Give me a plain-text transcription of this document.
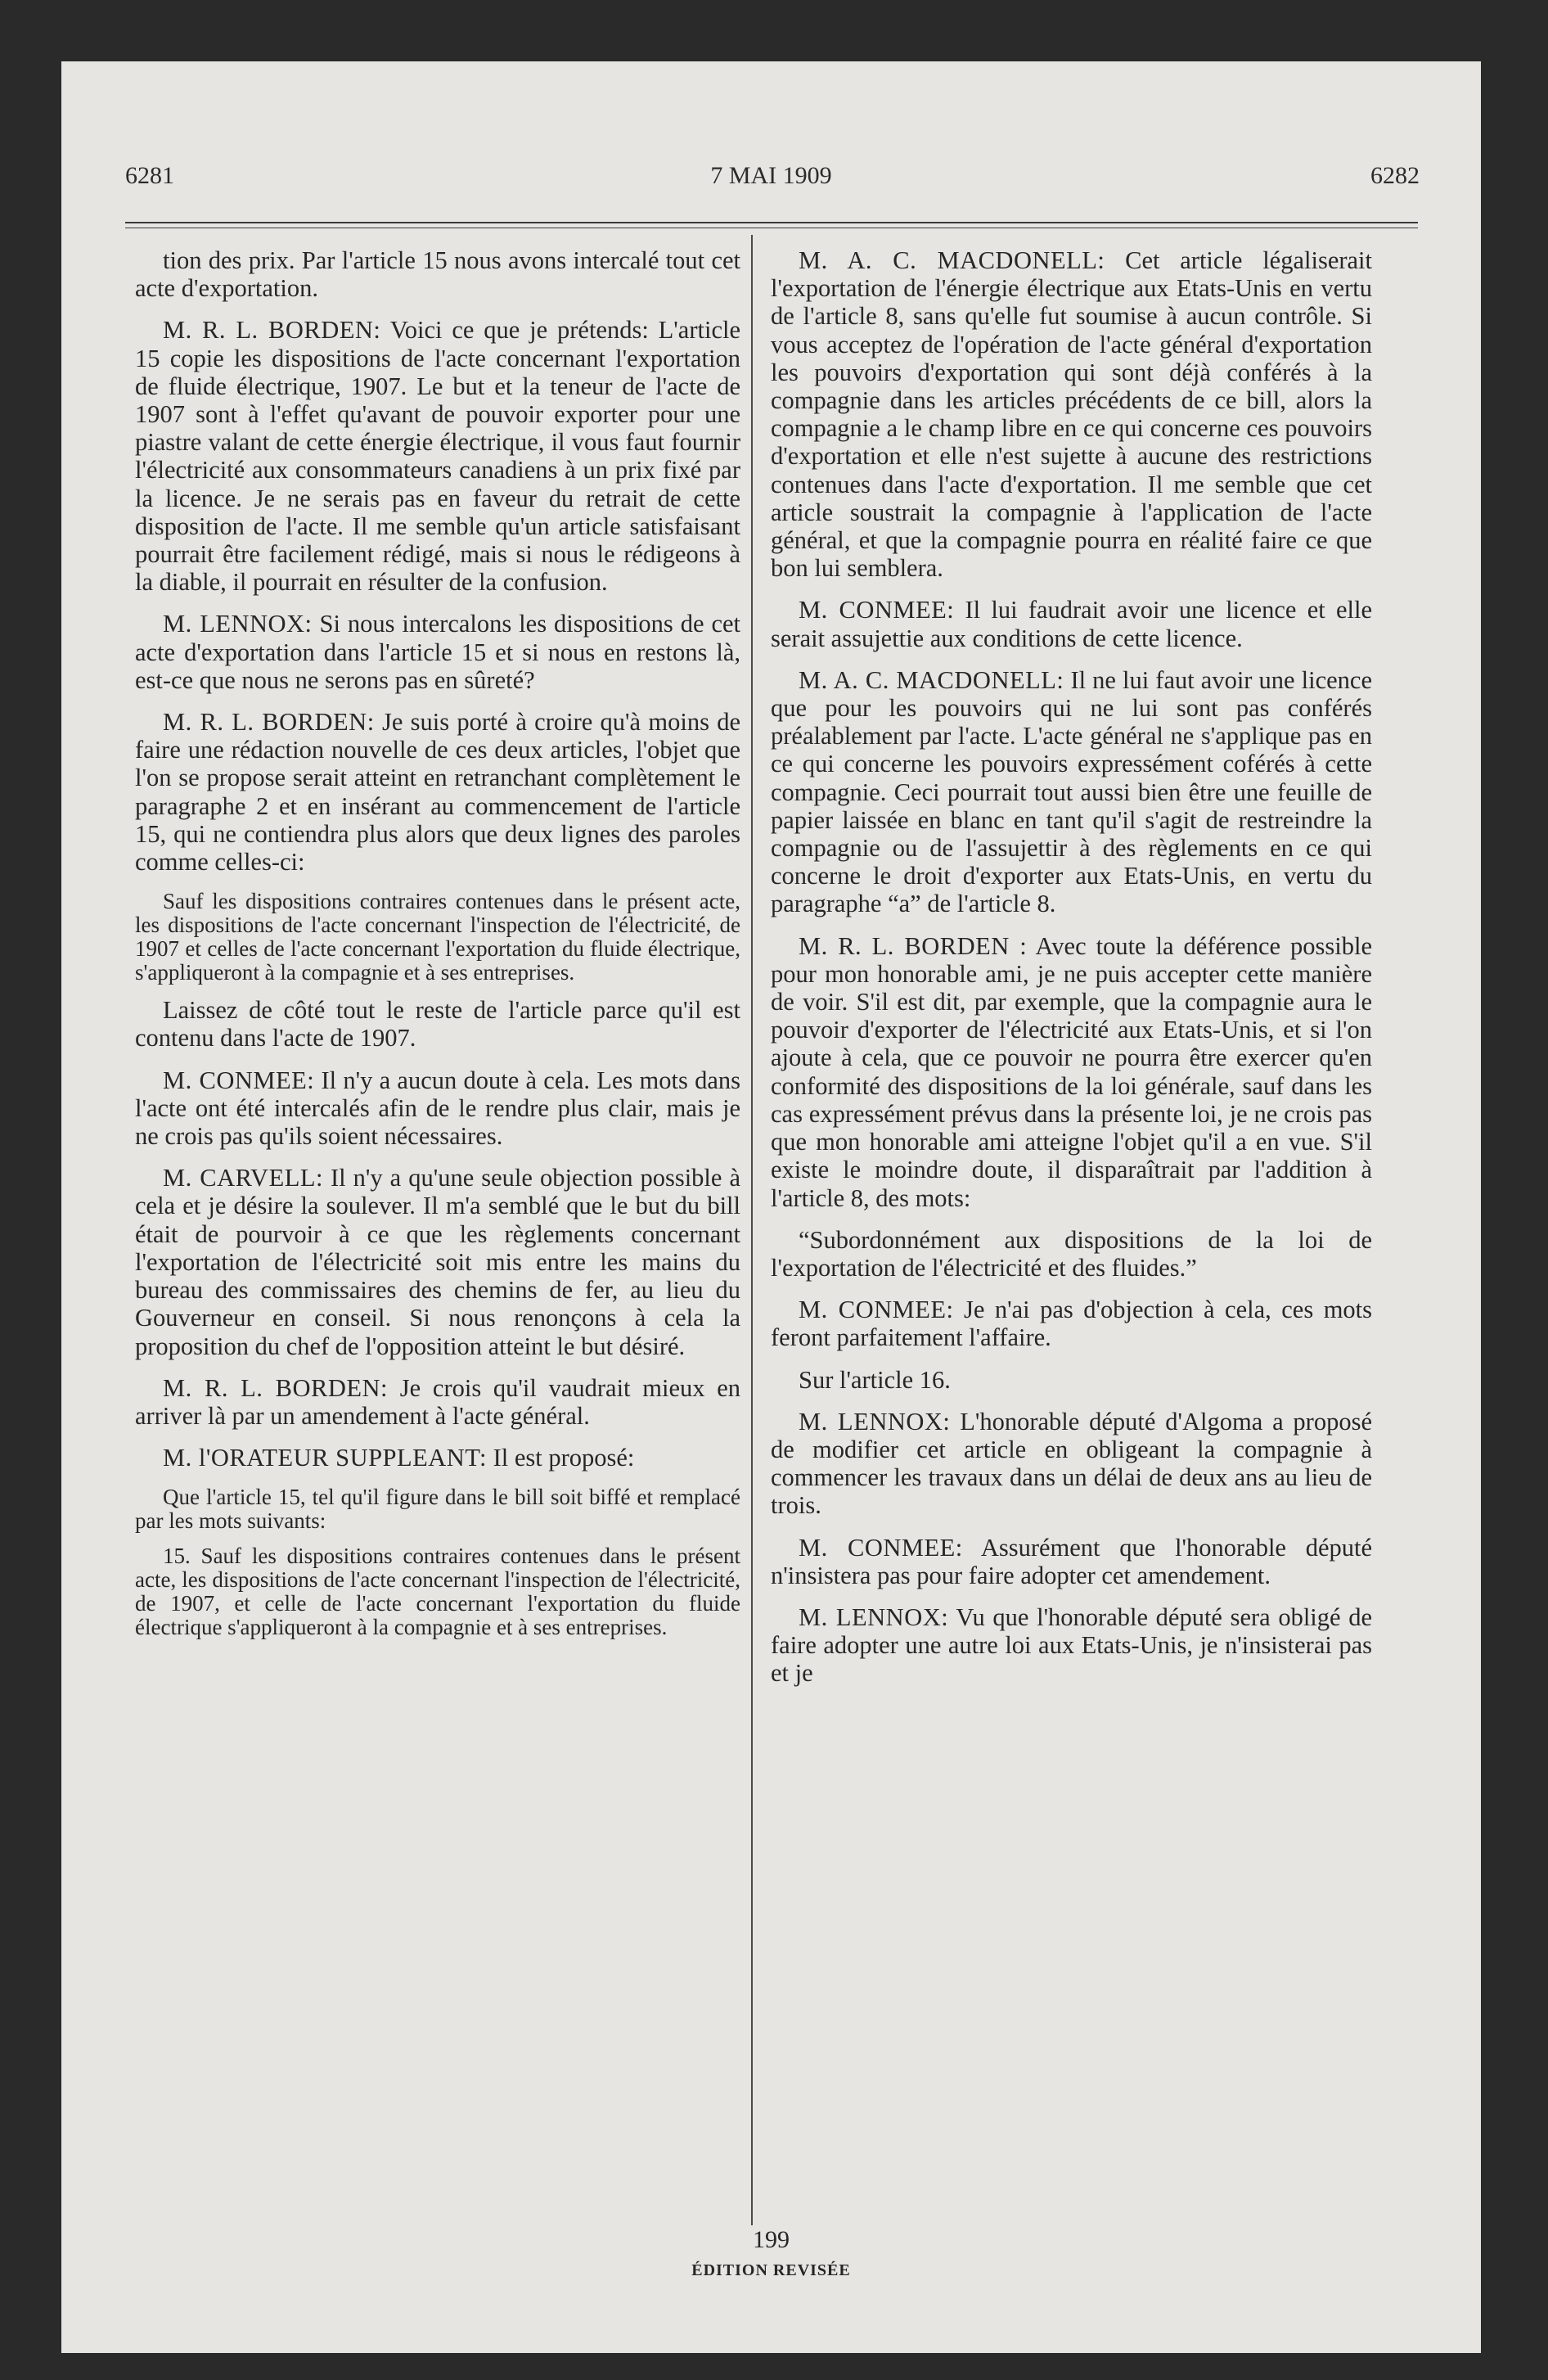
6281	7 MAI 1909	6282

tion des prix. Par l'article 15 nous avons intercalé tout cet acte d'exportation.

M. R. L. BORDEN: Voici ce que je prétends: L'article 15 copie les dispositions de l'acte concernant l'exportation de fluide électrique, 1907. Le but et la teneur de l'acte de 1907 sont à l'effet qu'avant de pouvoir exporter pour une piastre valant de cette énergie électrique, il vous faut fournir l'électricité aux consommateurs canadiens à un prix fixé par la licence. Je ne serais pas en faveur du retrait de cette disposition de l'acte. Il me semble qu'un article satisfaisant pourrait être facilement rédigé, mais si nous le rédigeons à la diable, il pourrait en résulter de la confusion.

M. LENNOX: Si nous intercalons les dispositions de cet acte d'exportation dans l'article 15 et si nous en restons là, est-ce que nous ne serons pas en sûreté?

M. R. L. BORDEN: Je suis porté à croire qu'à moins de faire une rédaction nouvelle de ces deux articles, l'objet que l'on se propose serait atteint en retranchant complètement le paragraphe 2 et en insérant au commencement de l'article 15, qui ne contiendra plus alors que deux lignes des paroles comme celles-ci:

Sauf les dispositions contraires contenues dans le présent acte, les dispositions de l'acte concernant l'inspection de l'électricité, de 1907 et celles de l'acte concernant l'exportation du fluide électrique, s'appliqueront à la compagnie et à ses entreprises.

Laissez de côté tout le reste de l'article parce qu'il est contenu dans l'acte de 1907.

M. CONMEE: Il n'y a aucun doute à cela. Les mots dans l'acte ont été intercalés afin de le rendre plus clair, mais je ne crois pas qu'ils soient nécessaires.

M. CARVELL: Il n'y a qu'une seule objection possible à cela et je désire la soulever. Il m'a semblé que le but du bill était de pourvoir à ce que les règlements concernant l'exportation de l'électricité soit mis entre les mains du bureau des commissaires des chemins de fer, au lieu du Gouverneur en conseil. Si nous renonçons à cela la proposition du chef de l'opposition atteint le but désiré.

M. R. L. BORDEN: Je crois qu'il vaudrait mieux en arriver là par un amendement à l'acte général.

M. l'ORATEUR SUPPLEANT: Il est proposé:

Que l'article 15, tel qu'il figure dans le bill soit biffé et remplacé par les mots suivants:

15. Sauf les dispositions contraires contenues dans le présent acte, les dispositions de l'acte concernant l'inspection de l'électricité, de 1907, et celle de l'acte concernant l'exportation du fluide électrique s'appliqueront à la compagnie et à ses entreprises.

M. A. C. MACDONELL: Cet article légaliserait l'exportation de l'énergie électrique aux Etats-Unis en vertu de l'article 8, sans qu'elle fut soumise à aucun contrôle. Si vous acceptez de l'opération de l'acte général d'exportation les pouvoirs d'exportation qui sont déjà conférés à la compagnie dans les articles précédents de ce bill, alors la compagnie a le champ libre en ce qui concerne ces pouvoirs d'exportation et elle n'est sujette à aucune des restrictions contenues dans l'acte d'exportation. Il me semble que cet article soustrait la compagnie à l'application de l'acte général, et que la compagnie pourra en réalité faire ce que bon lui semblera.

M. CONMEE: Il lui faudrait avoir une licence et elle serait assujettie aux conditions de cette licence.

M. A. C. MACDONELL: Il ne lui faut avoir une licence que pour les pouvoirs qui ne lui sont pas conférés préalablement par l'acte. L'acte général ne s'applique pas en ce qui concerne les pouvoirs expressément coférés à cette compagnie. Ceci pourrait tout aussi bien être une feuille de papier laissée en blanc en tant qu'il s'agit de restreindre la compagnie ou de l'assujettir à des règlements en ce qui concerne le droit d'exporter aux Etats-Unis, en vertu du paragraphe “a” de l'article 8.

M. R. L. BORDEN : Avec toute la déférence possible pour mon honorable ami, je ne puis accepter cette manière de voir. S'il est dit, par exemple, que la compagnie aura le pouvoir d'exporter de l'électricité aux Etats-Unis, et si l'on ajoute à cela, que ce pouvoir ne pourra être exercer qu'en conformité des dispositions de la loi générale, sauf dans les cas expressément prévus dans la présente loi, je ne crois pas que mon honorable ami atteigne l'objet qu'il a en vue. S'il existe le moindre doute, il disparaîtrait par l'addition à l'article 8, des mots:

“Subordonnément aux dispositions de la loi de l'exportation de l'électricité et des fluides.”

M. CONMEE: Je n'ai pas d'objection à cela, ces mots feront parfaitement l'affaire.

Sur l'article 16.

M. LENNOX: L'honorable député d'Algoma a proposé de modifier cet article en obligeant la compagnie à commencer les travaux dans un délai de deux ans au lieu de trois.

M. CONMEE: Assurément que l'honorable député n'insistera pas pour faire adopter cet amendement.

M. LENNOX: Vu que l'honorable député sera obligé de faire adopter une autre loi aux Etats-Unis, je n'insisterai pas et je

199
ÉDITION REVISÉE
